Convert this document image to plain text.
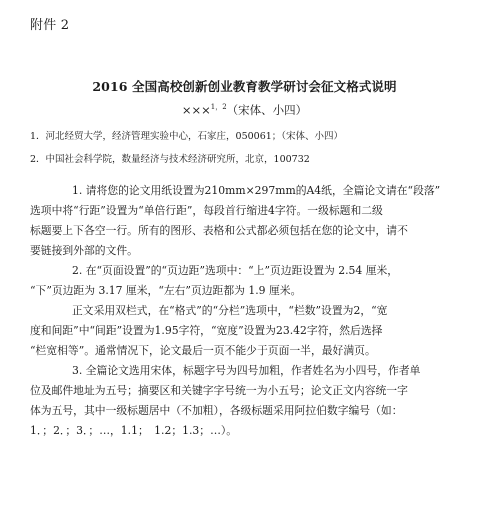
附件 2
2016 全国高校创新创业教育教学研讨会征文格式说明
×××$^{1,2}$（宋体、小四）
1．河北经贸大学，经济管理实验中心，石家庄，050061；（宋体、小四）
2．中国社会科学院，数量经济与技术经济研究所，北京，100732
1. 请将您的论文用纸设置为210mm×297mm的A4纸，全篇论文请在“段落”
选项中将“行距”设置为“单倍行距”，每段首行缩进4字符。一级标题和二级
标题要上下各空一行。所有的图形、表格和公式都必须包括在您的论文中，请不
要链接到外部的文件。
2. 在“页面设置”的“页边距”选项中：“上”页边距设置为 2.54 厘米，
“下”页边距为 3.17 厘米，“左右”页边距都为 1.9 厘米。
正文采用双栏式，在“格式”的“分栏”选项中，“栏数”设置为2，“宽
度和间距”中“间距”设置为1.95字符，“宽度”设置为23.42字符，然后选择
“栏宽相等”。通常情况下，论文最后一页不能少于页面一半，最好满页。
3. 全篇论文选用宋体，标题字号为四号加粗，作者姓名为小四号，作者单
位及邮件地址为五号；摘要区和关键字字号统一为小五号；论文正文内容统一字
体为五号，其中一级标题居中（不加粗），各级标题采用阿拉伯数字编号（如：
1．；2．；3．；…，1.1；　1.2；1.3；…）。
